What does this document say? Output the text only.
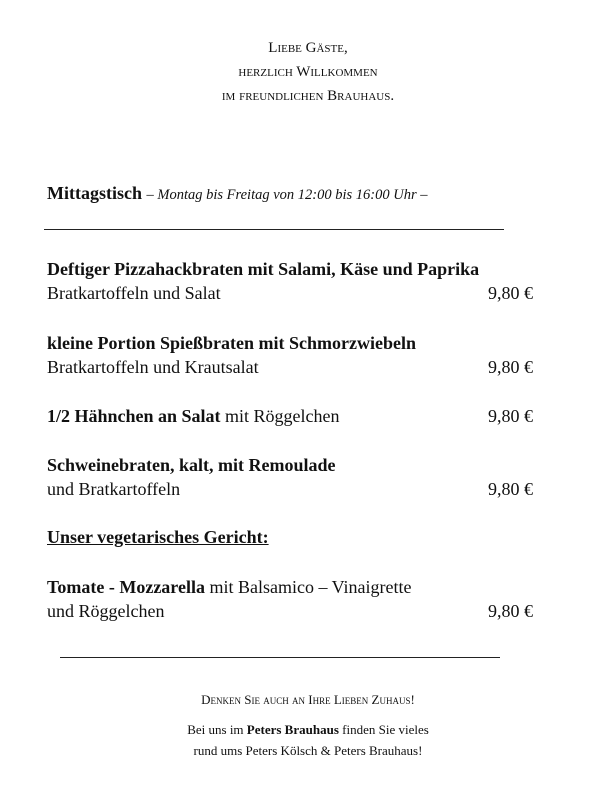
Liebe Gäste,
herzlich Willkommen
im freundlichen Brauhaus.
Mittagstisch – Montag bis Freitag von 12:00 bis 16:00 Uhr –
Deftiger Pizzahackbraten mit Salami, Käse und Paprika
Bratkartoffeln und Salat	9,80 €
kleine Portion Spießbraten mit Schmorzwiebeln
Bratkartoffeln und Krautsalat	9,80 €
1/2 Hähnchen an Salat mit Röggelchen	9,80 €
Schweinebraten, kalt, mit Remoulade
und Bratkartoffeln	9,80 €
Unser vegetarisches Gericht:
Tomate - Mozzarella mit Balsamico – Vinaigrette
und Röggelchen	9,80 €
Denken Sie auch an Ihre Lieben Zuhaus!
Bei uns im Peters Brauhaus finden Sie vieles
rund ums Peters Kölsch & Peters Brauhaus!
